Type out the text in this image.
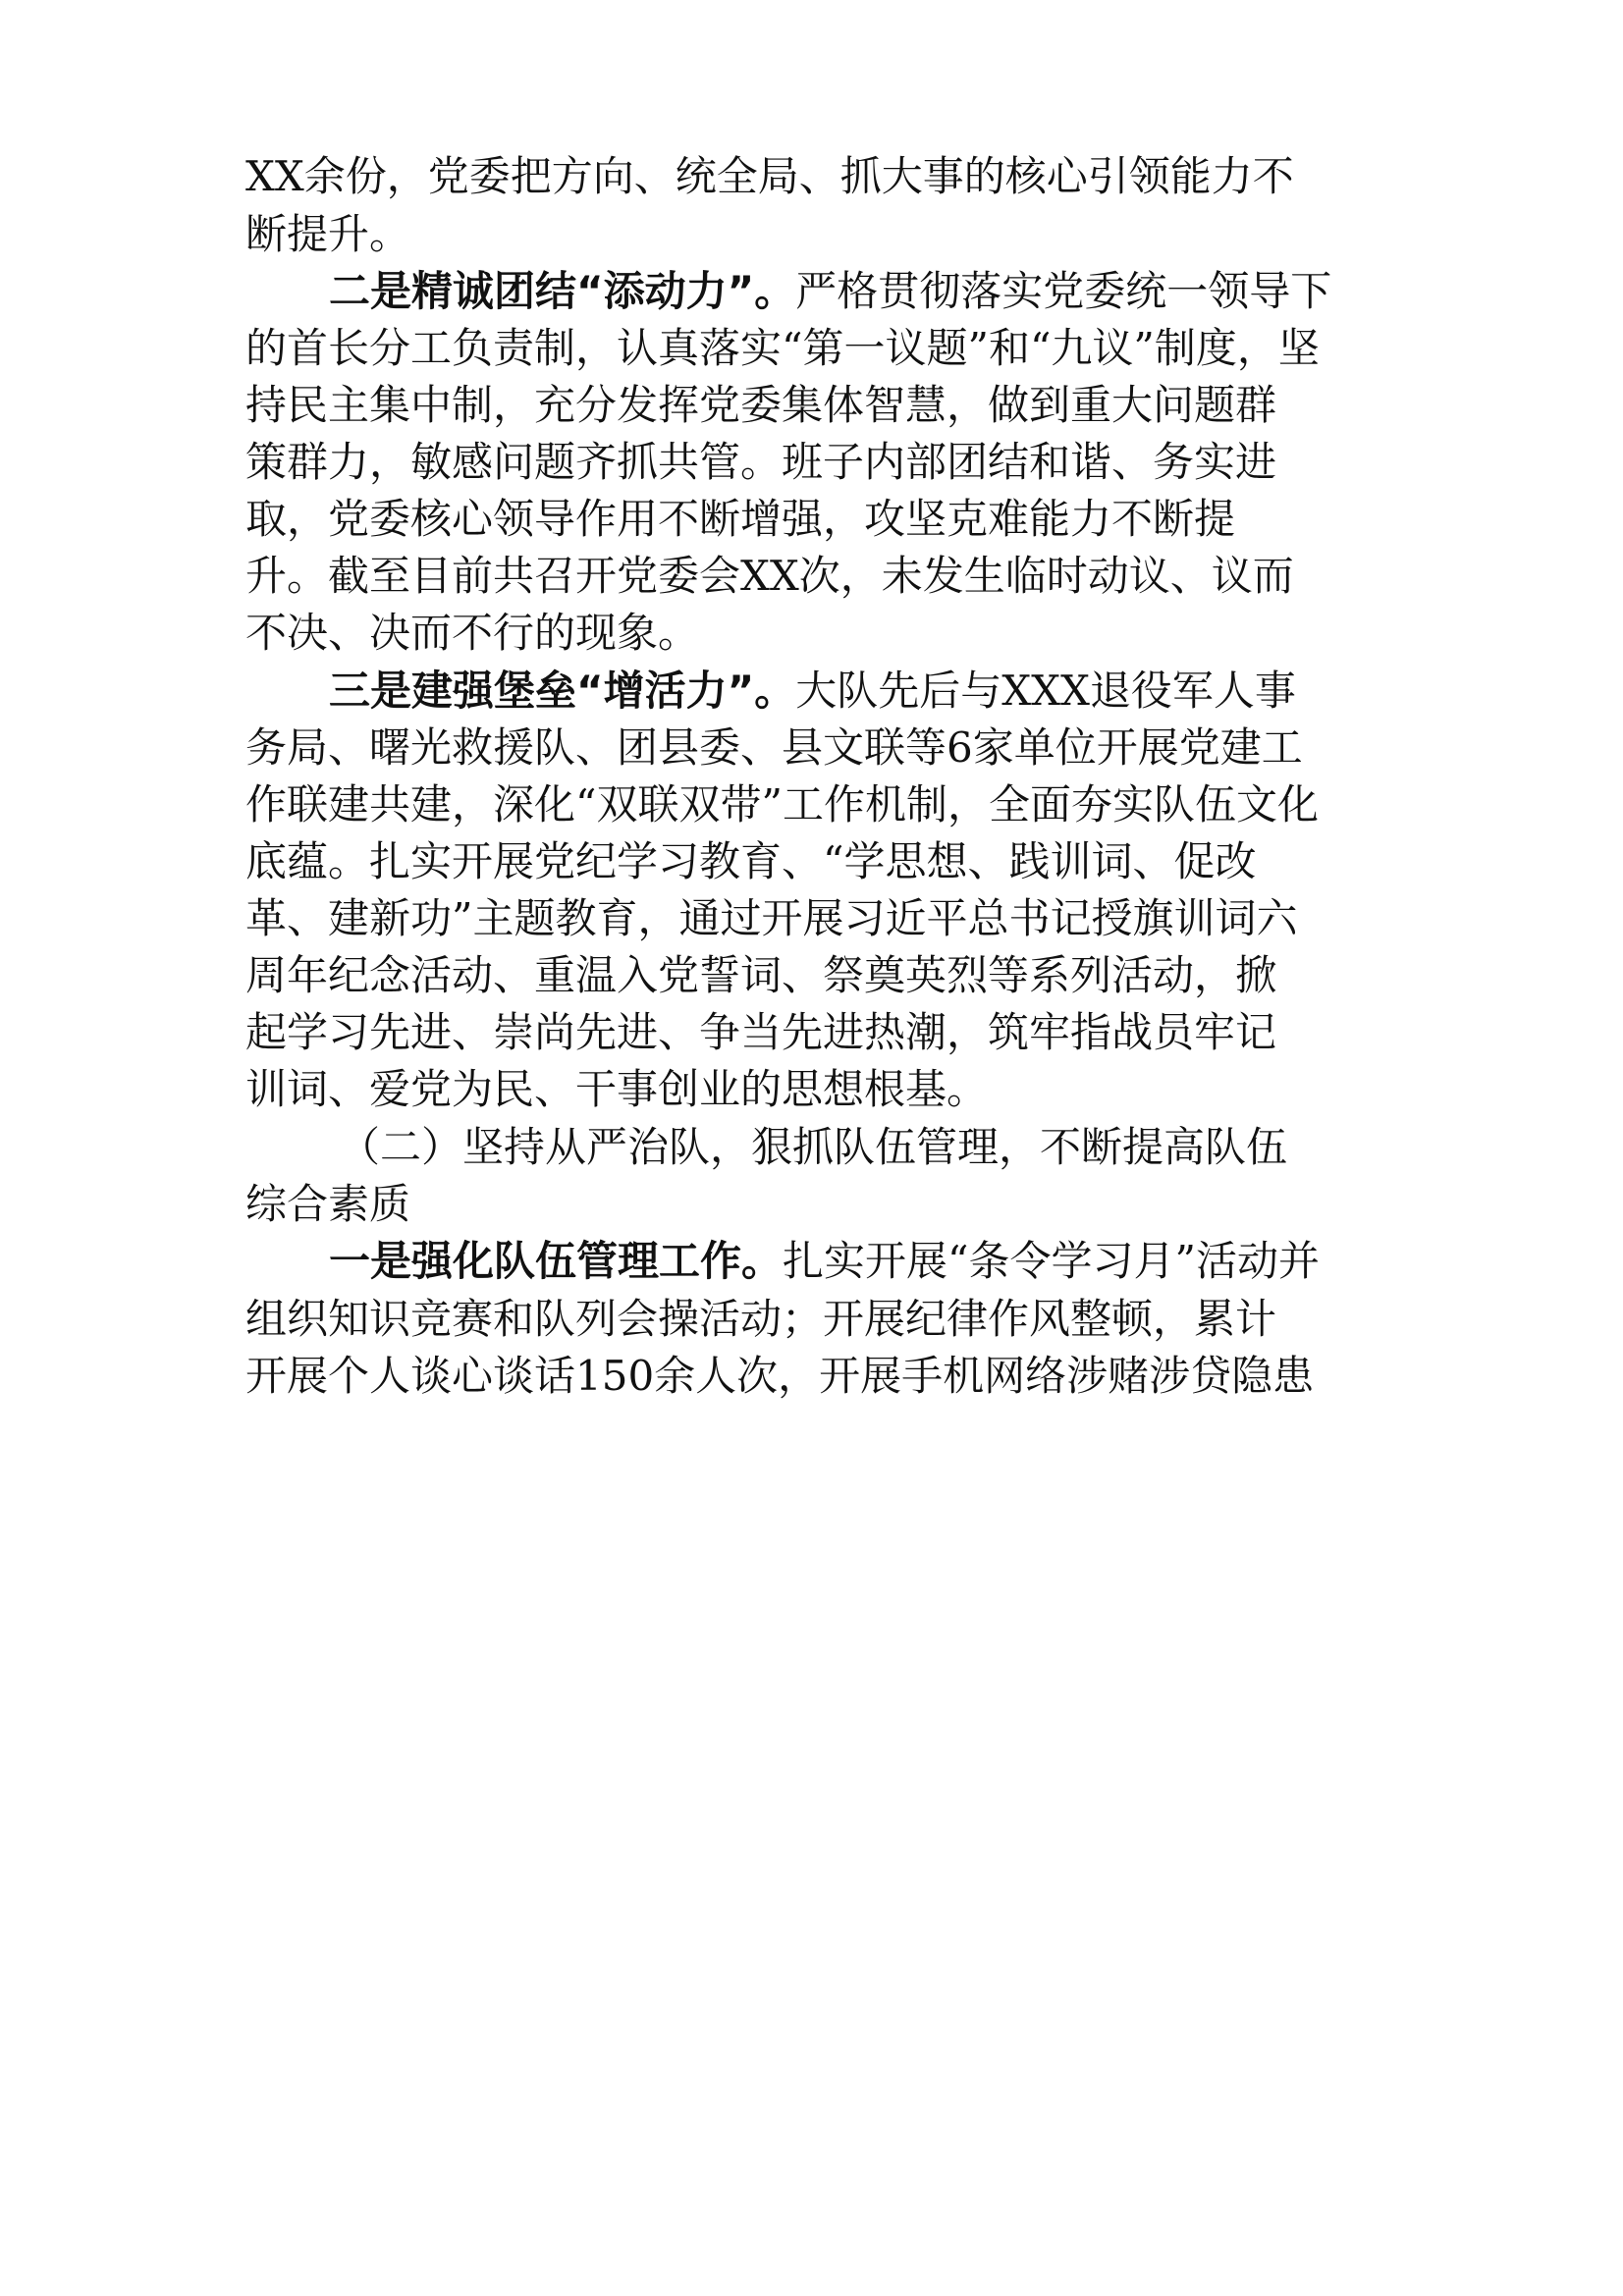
XX余份，党委把方向、统全局、抓大事的核心引领能力不
断提升。
二是精诚团结“添动力”。严格贯彻落实党委统一领导下
的首长分工负责制，认真落实“第一议题”和“九议”制度，坚
持民主集中制，充分发挥党委集体智慧，做到重大问题群
策群力，敏感问题齐抓共管。班子内部团结和谐、务实进
取，党委核心领导作用不断增强，攻坚克难能力不断提
升。截至目前共召开党委会XX次，未发生临时动议、议而
不决、决而不行的现象。
三是建强堡垒“增活力”。大队先后与XXX退役军人事
务局、曙光救援队、团县委、县文联等6家单位开展党建工
作联建共建，深化“双联双带”工作机制，全面夯实队伍文化
底蕴。扎实开展党纪学习教育、“学思想、践训词、促改
革、建新功”主题教育，通过开展习近平总书记授旗训词六
周年纪念活动、重温入党誓词、祭奠英烈等系列活动，掀
起学习先进、崇尚先进、争当先进热潮，筑牢指战员牢记
训词、爱党为民、干事创业的思想根基。
（二）坚持从严治队，狠抓队伍管理，不断提高队伍
综合素质
一是强化队伍管理工作。扎实开展“条令学习月”活动并
组织知识竞赛和队列会操活动；开展纪律作风整顿，累计
开展个人谈心谈话150余人次，开展手机网络涉赌涉贷隐患
